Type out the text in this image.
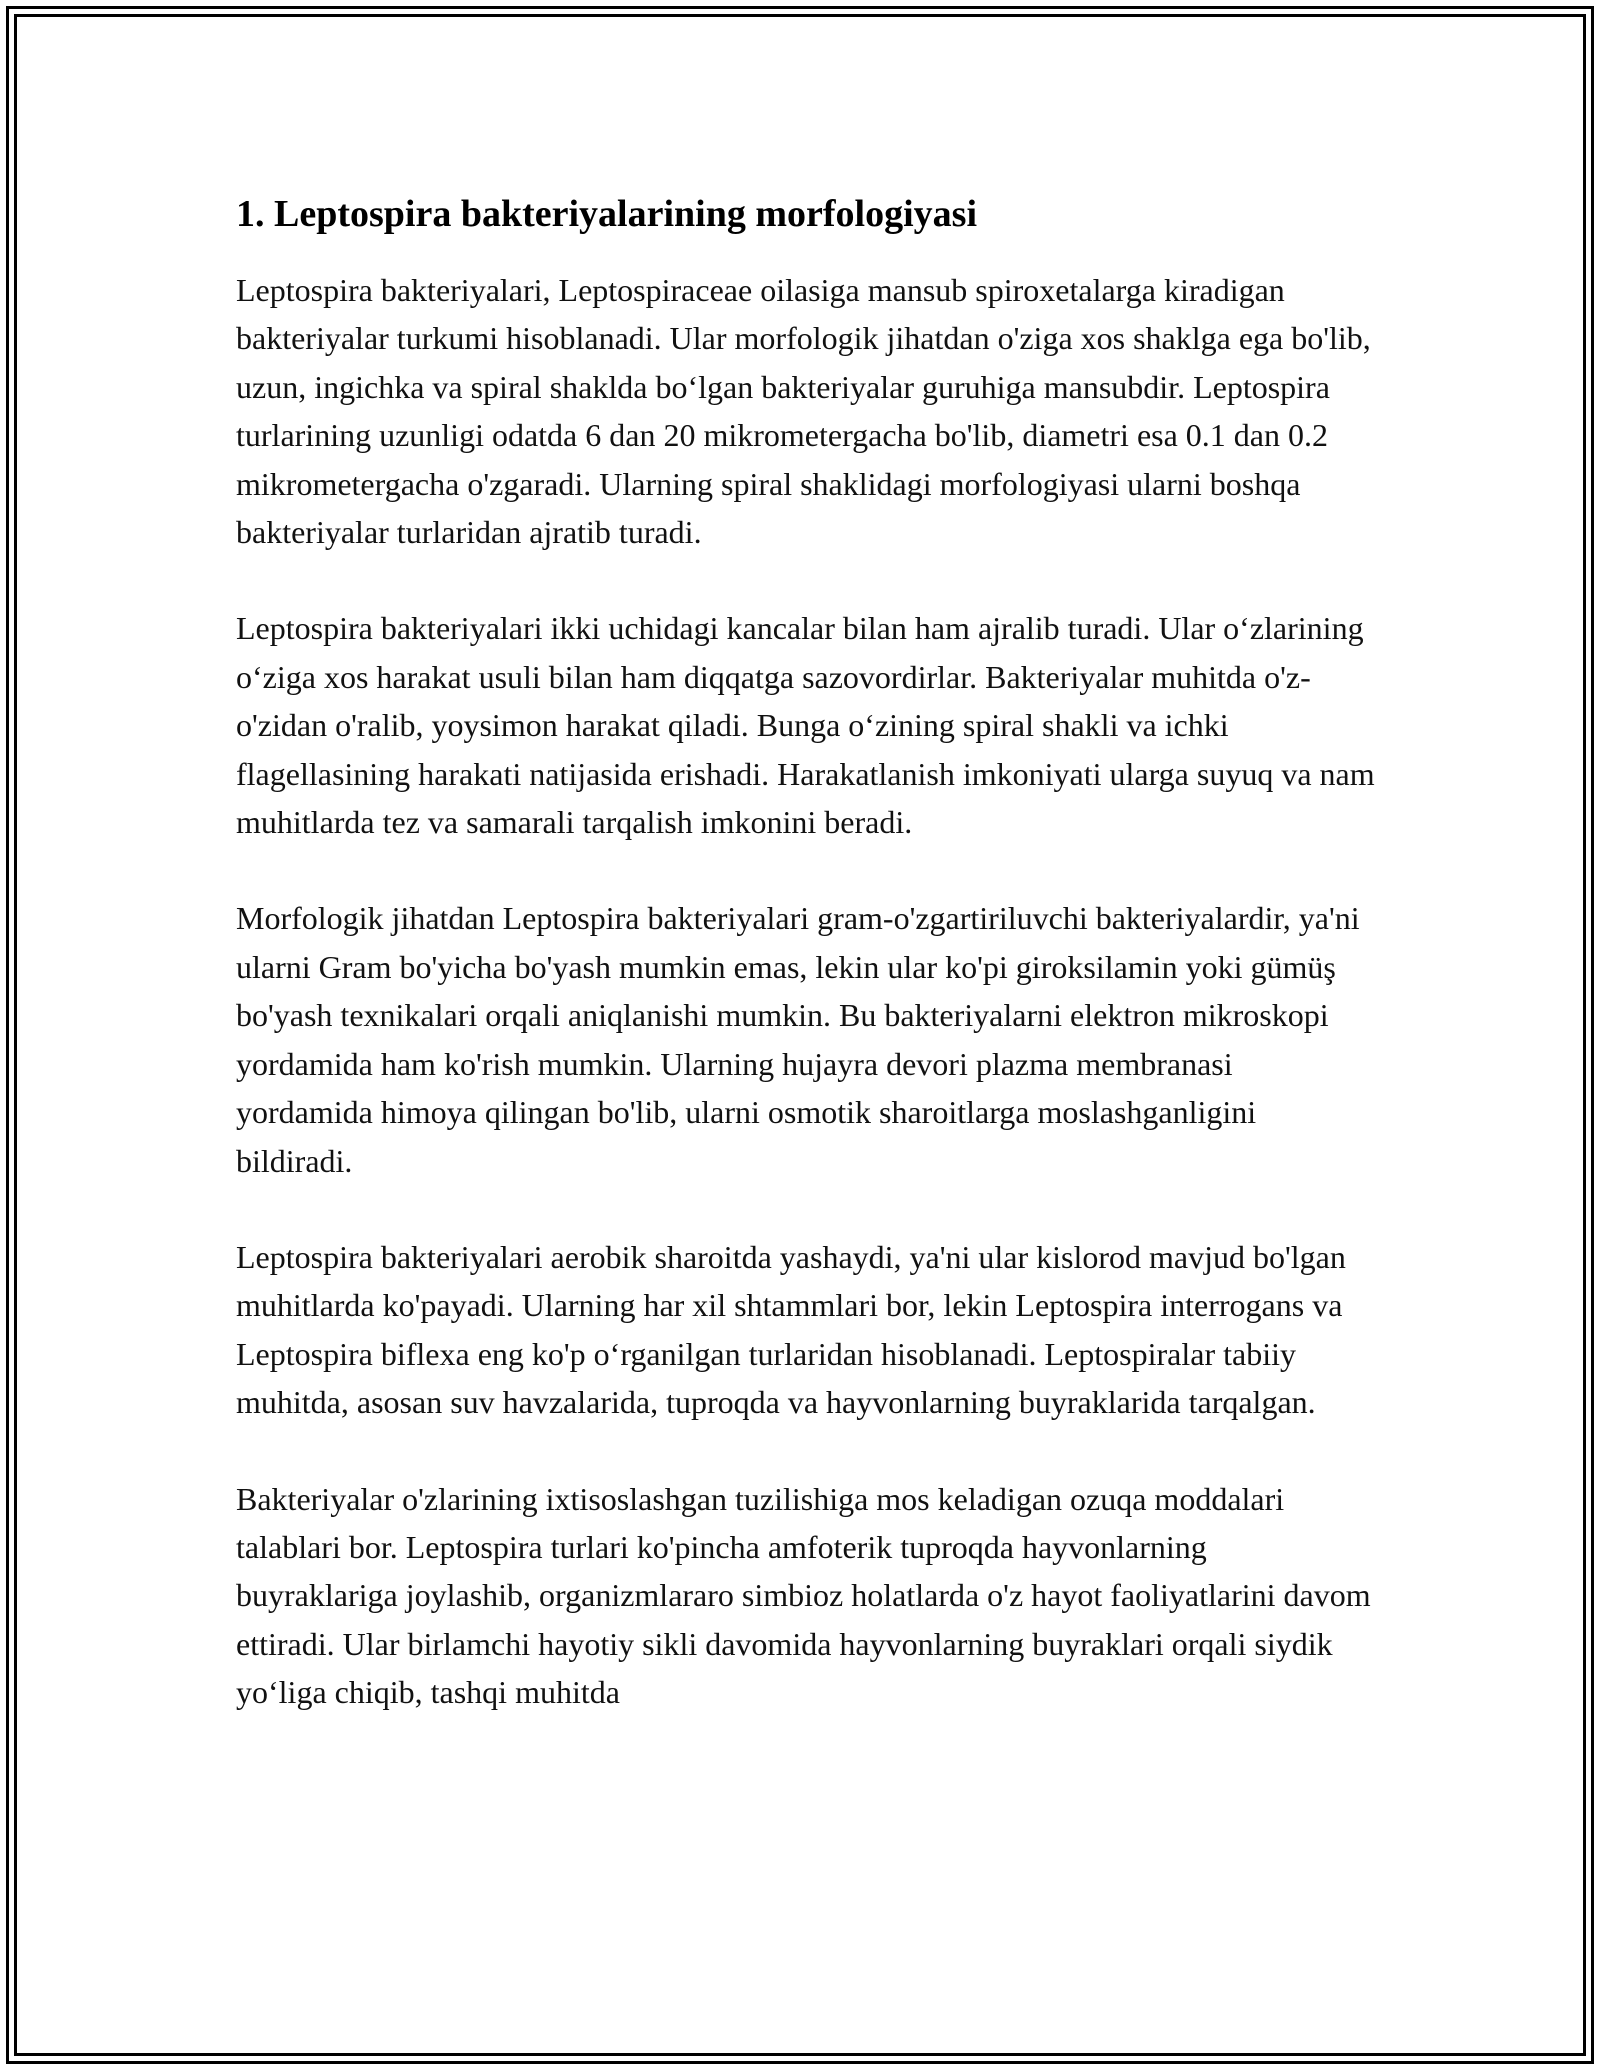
1. Leptospira bakteriyalarining morfologiyasi

Leptospira bakteriyalari, Leptospiraceae oilasiga mansub spiroxetalarga kiradigan bakteriyalar turkumi hisoblanadi. Ular morfologik jihatdan o'ziga xos shaklga ega bo'lib, uzun, ingichka va spiral shaklda boʻlgan bakteriyalar guruhiga mansubdir. Leptospira turlarining uzunligi odatda 6 dan 20 mikrometergacha bo'lib, diametri esa 0.1 dan 0.2 mikrometergacha o'zgaradi. Ularning spiral shaklidagi morfologiyasi ularni boshqa bakteriyalar turlaridan ajratib turadi.

Leptospira bakteriyalari ikki uchidagi kancalar bilan ham ajralib turadi. Ular oʻzlarining oʻziga xos harakat usuli bilan ham diqqatga sazovordirlar. Bakteriyalar muhitda o'z-o'zidan o'ralib, yoysimon harakat qiladi. Bunga oʻzining spiral shakli va ichki flagellasining harakati natijasida erishadi. Harakatlanish imkoniyati ularga suyuq va nam muhitlarda tez va samarali tarqalish imkonini beradi.

Morfologik jihatdan Leptospira bakteriyalari gram-o'zgartiriluvchi bakteriyalardir, ya'ni ularni Gram bo'yicha bo'yash mumkin emas, lekin ular ko'pi giroksilamin yoki gümüş bo'yash texnikalari orqali aniqlanishi mumkin. Bu bakteriyalarni elektron mikroskopi yordamida ham ko'rish mumkin. Ularning hujayra devori plazma membranasi yordamida himoya qilingan bo'lib, ularni osmotik sharoitlarga moslashganligini bildiradi.

Leptospira bakteriyalari aerobik sharoitda yashaydi, ya'ni ular kislorod mavjud bo'lgan muhitlarda ko'payadi. Ularning har xil shtammlari bor, lekin Leptospira interrogans va Leptospira biflexa eng ko'p oʻrganilgan turlaridan hisoblanadi. Leptospiralar tabiiy muhitda, asosan suv havzalarida, tuproqda va hayvonlarning buyraklarida tarqalgan.

Bakteriyalar o'zlarining ixtisoslashgan tuzilishiga mos keladigan ozuqa moddalari talablari bor. Leptospira turlari ko'pincha amfoterik tuproqda hayvonlarning buyraklariga joylashib, organizmlararo simbioz holatlarda o'z hayot faoliyatlarini davom ettiradi. Ular birlamchi hayotiy sikli davomida hayvonlarning buyraklari orqali siydik yoʻliga chiqib, tashqi muhitda
